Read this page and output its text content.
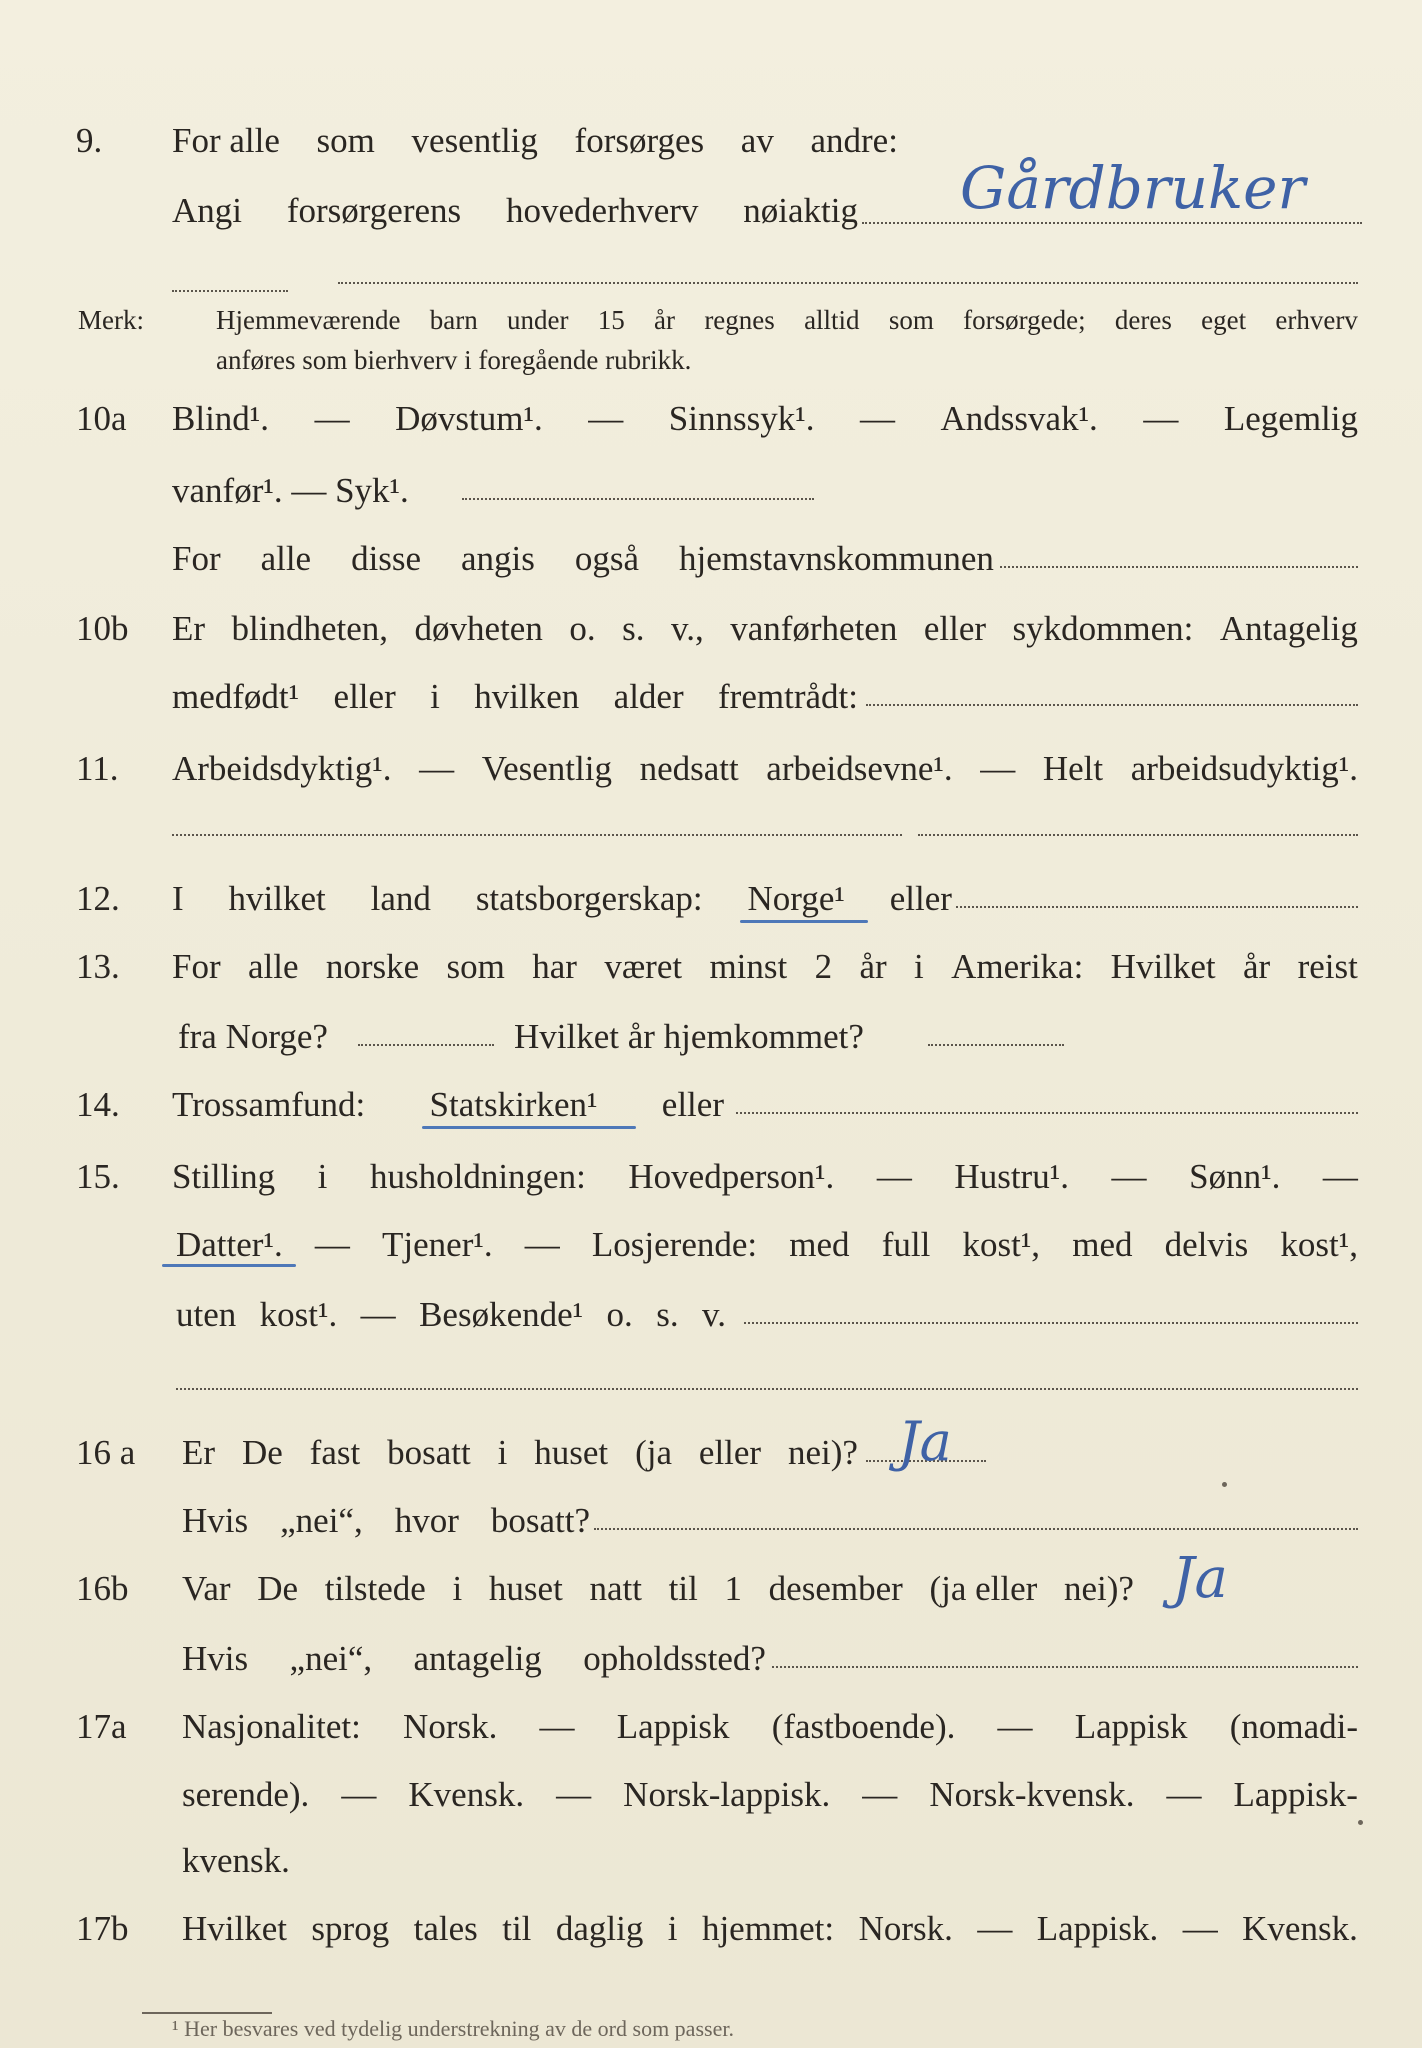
9. For alle som vesentlig forsørges av andre:
Angi forsørgerens hovederhverv nøiaktig Gårdbruker
Merk:	Hjemmeværende barn under 15 år regnes alltid som forsørgede; deres eget erhverv
anføres som bierhverv i foregående rubrikk.
10a Blind¹. — Døvstum¹. — Sinnssyk¹. — Andssvak¹. — Legemlig
vanfør¹. — Syk¹.
For alle disse angis også hjemstavnskommunen
10b Er blindheten, døvheten o. s. v., vanførheten eller sykdommen: Antagelig
medfødt¹ eller i hvilken alder fremtrådt:
11. Arbeidsdyktig¹. — Vesentlig nedsatt arbeidsevne¹. — Helt arbeidsudyktig¹.
12. I hvilket land statsborgerskap: Norge¹ eller
13. For alle norske som har været minst 2 år i Amerika: Hvilket år reist
fra Norge?	Hvilket år hjemkommet?
14. Trossamfund: Statskirken¹ eller
15. Stilling i husholdningen: Hovedperson¹. — Hustru¹. — Sønn¹. —
Datter¹. — Tjener¹. — Losjerende: med full kost¹, med delvis kost¹,
uten kost¹. — Besøkende¹ o. s. v.
16 a Er De fast bosatt i huset (ja eller nei)? Ja
Hvis „nei“, hvor bosatt?
16b Var De tilstede i huset natt til 1 desember (ja eller nei)? Ja
Hvis „nei“, antagelig opholdssted?
17a Nasjonalitet: Norsk. — Lappisk (fastboende). — Lappisk (nomadi-
serende). — Kvensk. — Norsk-lappisk. — Norsk-kvensk. — Lappisk-
kvensk.
17b Hvilket sprog tales til daglig i hjemmet: Norsk. — Lappisk. — Kvensk.
¹ Her besvares ved tydelig understrekning av de ord som passer.
